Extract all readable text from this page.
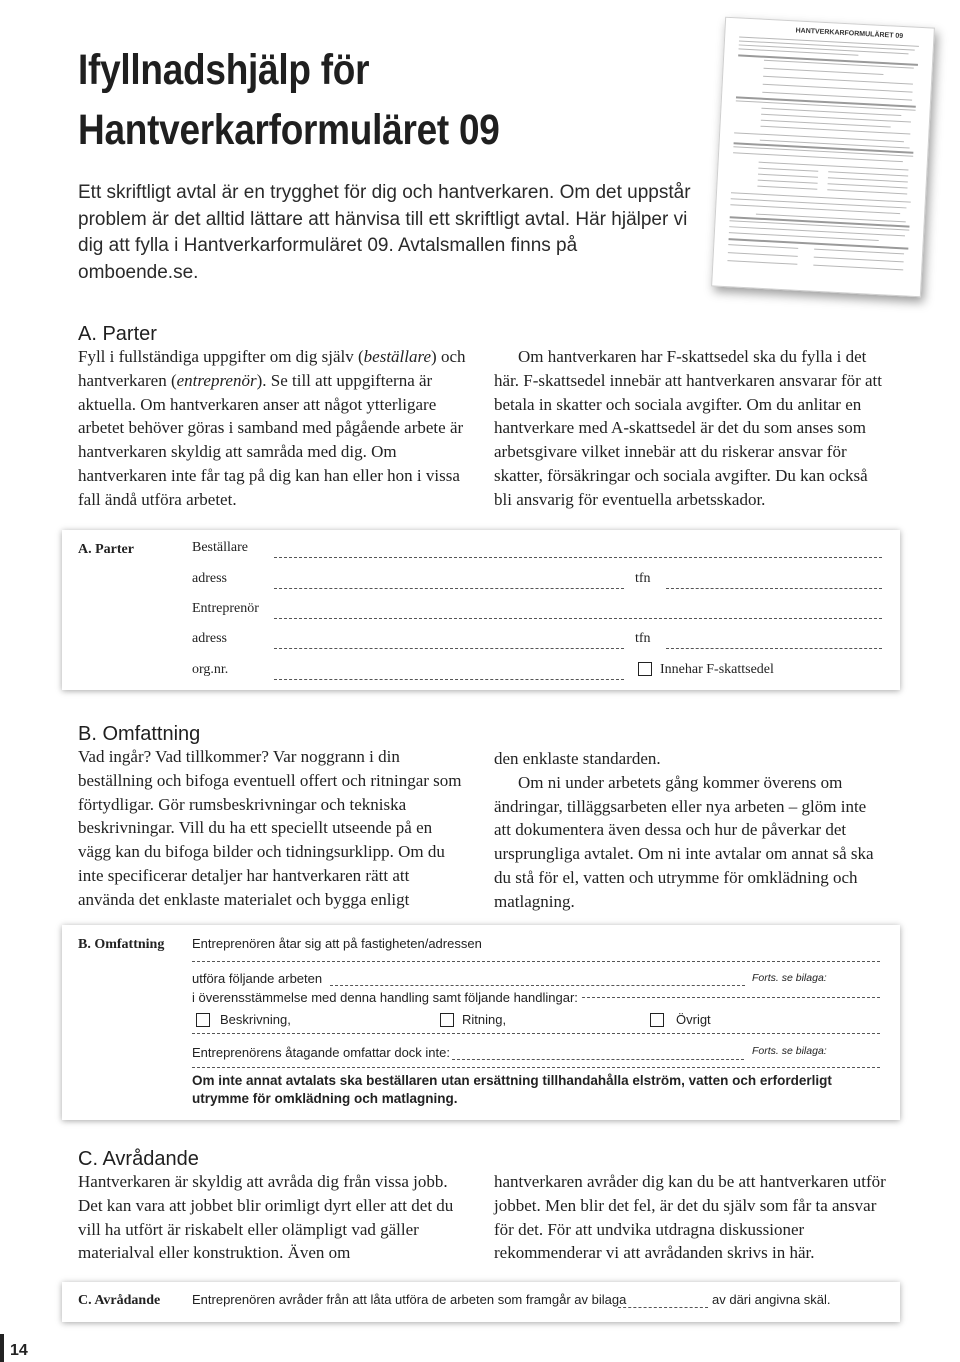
Ifyllnadshjälp för
Hantverkarformuläret 09
Ett skriftligt avtal är en trygghet för dig och hantverkaren. Om det uppstår problem är det alltid lättare att hänvisa till ett skriftligt avtal. Här hjälper vi dig att fylla i Hantverkarformuläret 09. Avtalsmallen finns på omboende.se.
HANTVERKARFORMULÄRET 09
A. Parter
Fyll i fullständiga uppgifter om dig själv (beställare) och hantverkaren (entreprenör). Se till att uppgifterna är aktuella. Om hantverkaren anser att något ytterligare arbetet behöver göras i samband med pågående arbete är hantverkaren skyldig att samråda med dig. Om hantverkaren inte får tag på dig kan han eller hon i vissa fall ändå utföra arbetet.

Om hantverkaren har F-skattsedel ska du fylla i det här. F-skattsedel innebär att hantverkaren ansvarar för att betala in skatter och sociala avgifter. Om du anlitar en hantverkare med A-skattsedel är det du som anses som arbetsgivare vilket innebär att du riskerar ansvar för skatter, försäkringar och sociala avgifter. Du kan också bli ansvarig för eventuella arbetsskador.

A. Parter	Beställare
adress	tfn
Entreprenör
adress	tfn
org.nr.	Innehar F-skattsedel
B. Omfattning
Vad ingår? Vad tillkommer? Var noggrann i din beställning och bifoga eventuell offert och ritningar som förtydligar. Gör rumsbeskrivningar och tekniska beskrivningar. Vill du ha ett speciellt utseende på en vägg kan du bifoga bilder och tidningsurklipp. Om du inte specificerar detaljer har hantverkaren rätt att använda det enklaste materialet och bygga enligt

den enklaste standarden.

Om ni under arbetets gång kommer överens om ändringar, tilläggsarbeten eller nya arbeten – glöm inte att dokumentera även dessa och hur de påverkar det ursprungliga avtalet. Om ni inte avtalar om annat så ska du stå för el, vatten och utrymme för omklädning och matlagning.

B. Omfattning Entreprenören åtar sig att på fastigheten/adressen
utföra följande arbeten	Forts. se bilaga:
i överensstämmelse med denna handling samt följande handlingar:
Beskrivning,	Ritning,	Övrigt
Entreprenörens åtagande omfattar dock inte:	Forts. se bilaga:
Om inte annat avtalats ska beställaren utan ersättning tillhandahålla elström, vatten och erforderligt utrymme för omklädning och matlagning.
C. Avrådande
Hantverkaren är skyldig att avråda dig från vissa jobb. Det kan vara att jobbet blir orimligt dyrt eller att det du vill ha utfört är riskabelt eller olämpligt vad gäller materialval eller konstruktion. Även om
hantverkaren avråder dig kan du be att hantverkaren utför jobbet. Men blir det fel, är det du själv som får ta ansvar för det. För att undvika utdragna diskussioner rekommenderar vi att avrådanden skrivs in här.
C. Avrådande Entreprenören avråder från att låta utföra de arbeten som framgår av bilaga	av däri angivna skäl.
14
